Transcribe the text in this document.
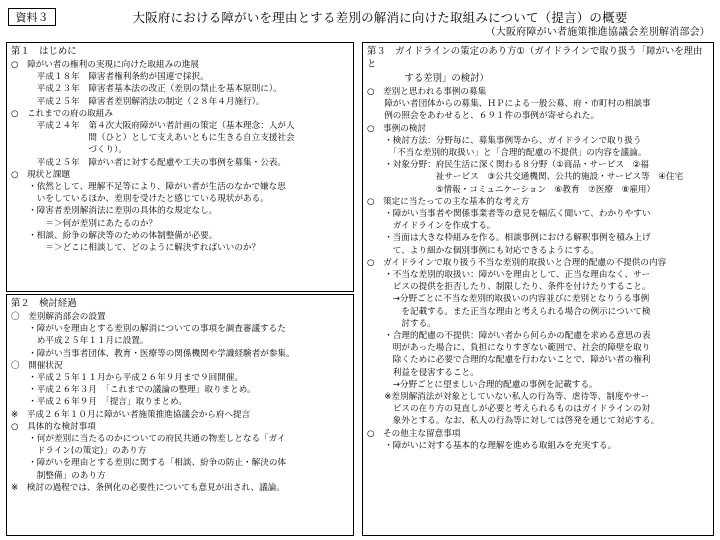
資料３	大阪府における障がいを理由とする差別の解消に向けた取組みについて（提言）の概要
（大阪府障がい者施策推進協議会差別解消部会）
第１　はじめに
○　障がい者の権利の実現に向けた取組みの進展
　　　平成１８年　障害者権利条約が国連で採択。
　　　平成２３年　障害者基本法の改正（差別の禁止を基本原則に）。
　　　平成２５年　障害者差別解消法の制定（２８年４月施行）。
○　これまでの府の取組み
　　　平成２４年　第４次大阪府障がい者計画の策定（基本理念：人が人
　　　　　　　　　間（ひと）として支えあいともに生きる自立支援社会
　　　　　　　　　づくり）。
　　　平成２５年　障がい者に対する配慮や工夫の事例を募集・公表。
○　現状と課題
　　・依然として、理解不足等により、障がい者が生活のなかで嫌な思
　　　いをしているほか、差別を受けたと感じている現状がある。
　　・障害者差別解消法に差別の具体的な規定なし。
　　　　＝＞何が差別にあたるのか？
　　・相談、紛争の解決等のための体制整備が必要。
　　　　＝＞どこに相談して、どのように解決すればいいのか？
第２　検討経過
〇　差別解消部会の設置
　　・障がいを理由とする差別の解消についての事項を調査審議するた
　　　め平成２５年１１月に設置。
　　・障がい当事者団体、教育・医療等の関係機関や学識経験者が参集。
〇　開催状況
　　・平成２５年１１月から平成２６年９月まで９回開催。
　　・平成２６年３月　「これまでの議論の整理」取りまとめ。
　　・平成２６年９月　「提言」取りまとめ。
※　平成２６年１０月に障がい者施策推進協議会から府へ提言
○　具体的な検討事項
　　・何が差別に当たるのかについての府民共通の物差しとなる「ガイ
　　　ドライン(の策定)」のあり方
　　・障がいを理由とする差別に関する「相談、紛争の防止・解決の体
　　　制整備」のあり方
※　検討の過程では、条例化の必要性についても意見が出され、議論。
第３　ガイドラインの策定のあり方①（ガイドラインで取り扱う「障がいを理由と
　　　　する差別」の検討）
○　差別と思われる事例の募集
　　障がい者団体からの募集、ＨＰによる一般公募、府・市町村の相談事
　　例の照会をあわせると、６９１件の事例が寄せられた。
○　事例の検討
　　・検討方法：分野毎に、募集事例等から、ガイドラインで取り扱う
　　　「不当な差別的取扱い」と「合理的配慮の不提供」の内容を議論。
　　・対象分野：府民生活に深く関わる８分野（①商品・サービス　②福
　　　　　　　　祉サービス　③公共交通機関、公共的施設・サービス等　④住宅
　　　　　　　　⑤情報・コミュニケーション　⑥教育　⑦医療　⑧雇用）
○　策定に当たっての主な基本的な考え方
　　・障がい当事者や関係事業者等の意見を幅広く聞いて、わかりやすい
　　　ガイドラインを作成する。
　　・当面は大きな枠組みを作る。相談事例における解釈事例を積み上げ
　　　て、より細かな個別事例にも対応できるようにする。
○　ガイドラインで取り扱う不当な差別的取扱いと合理的配慮の不提供の内容
　　・不当な差別的取扱い：障がいを理由として、正当な理由なく、サー
　　　ビスの提供を拒否したり、制限したり、条件を付けたりすること。
　　　→分野ごとに不当な差別的取扱いの内容並びに差別となりうる事例
　　　　を記載する。また正当な理由と考えられる場合の例示について検
　　　　討する。
　　・合理的配慮の不提供：障がい者から何らかの配慮を求める意思の表
　　　明があった場合に、負担になりすぎない範囲で、社会的障壁を取り
　　　除くために必要で合理的な配慮を行わないことで、障がい者の権利
　　　利益を侵害すること。
　　　→分野ごとに望ましい合理的配慮の事例を記載する。
　　※差別解消法が対象としていない私人の行為等、虐待等、制度やサー
　　　ビスの在り方の見直しが必要と考えられるものはガイドラインの対
　　　象外とする。なお、私人の行為等に対しては啓発を通じて対応する。
○　その他主な留意事項
　　・障がいに対する基本的な理解を進める取組みを充実する。
